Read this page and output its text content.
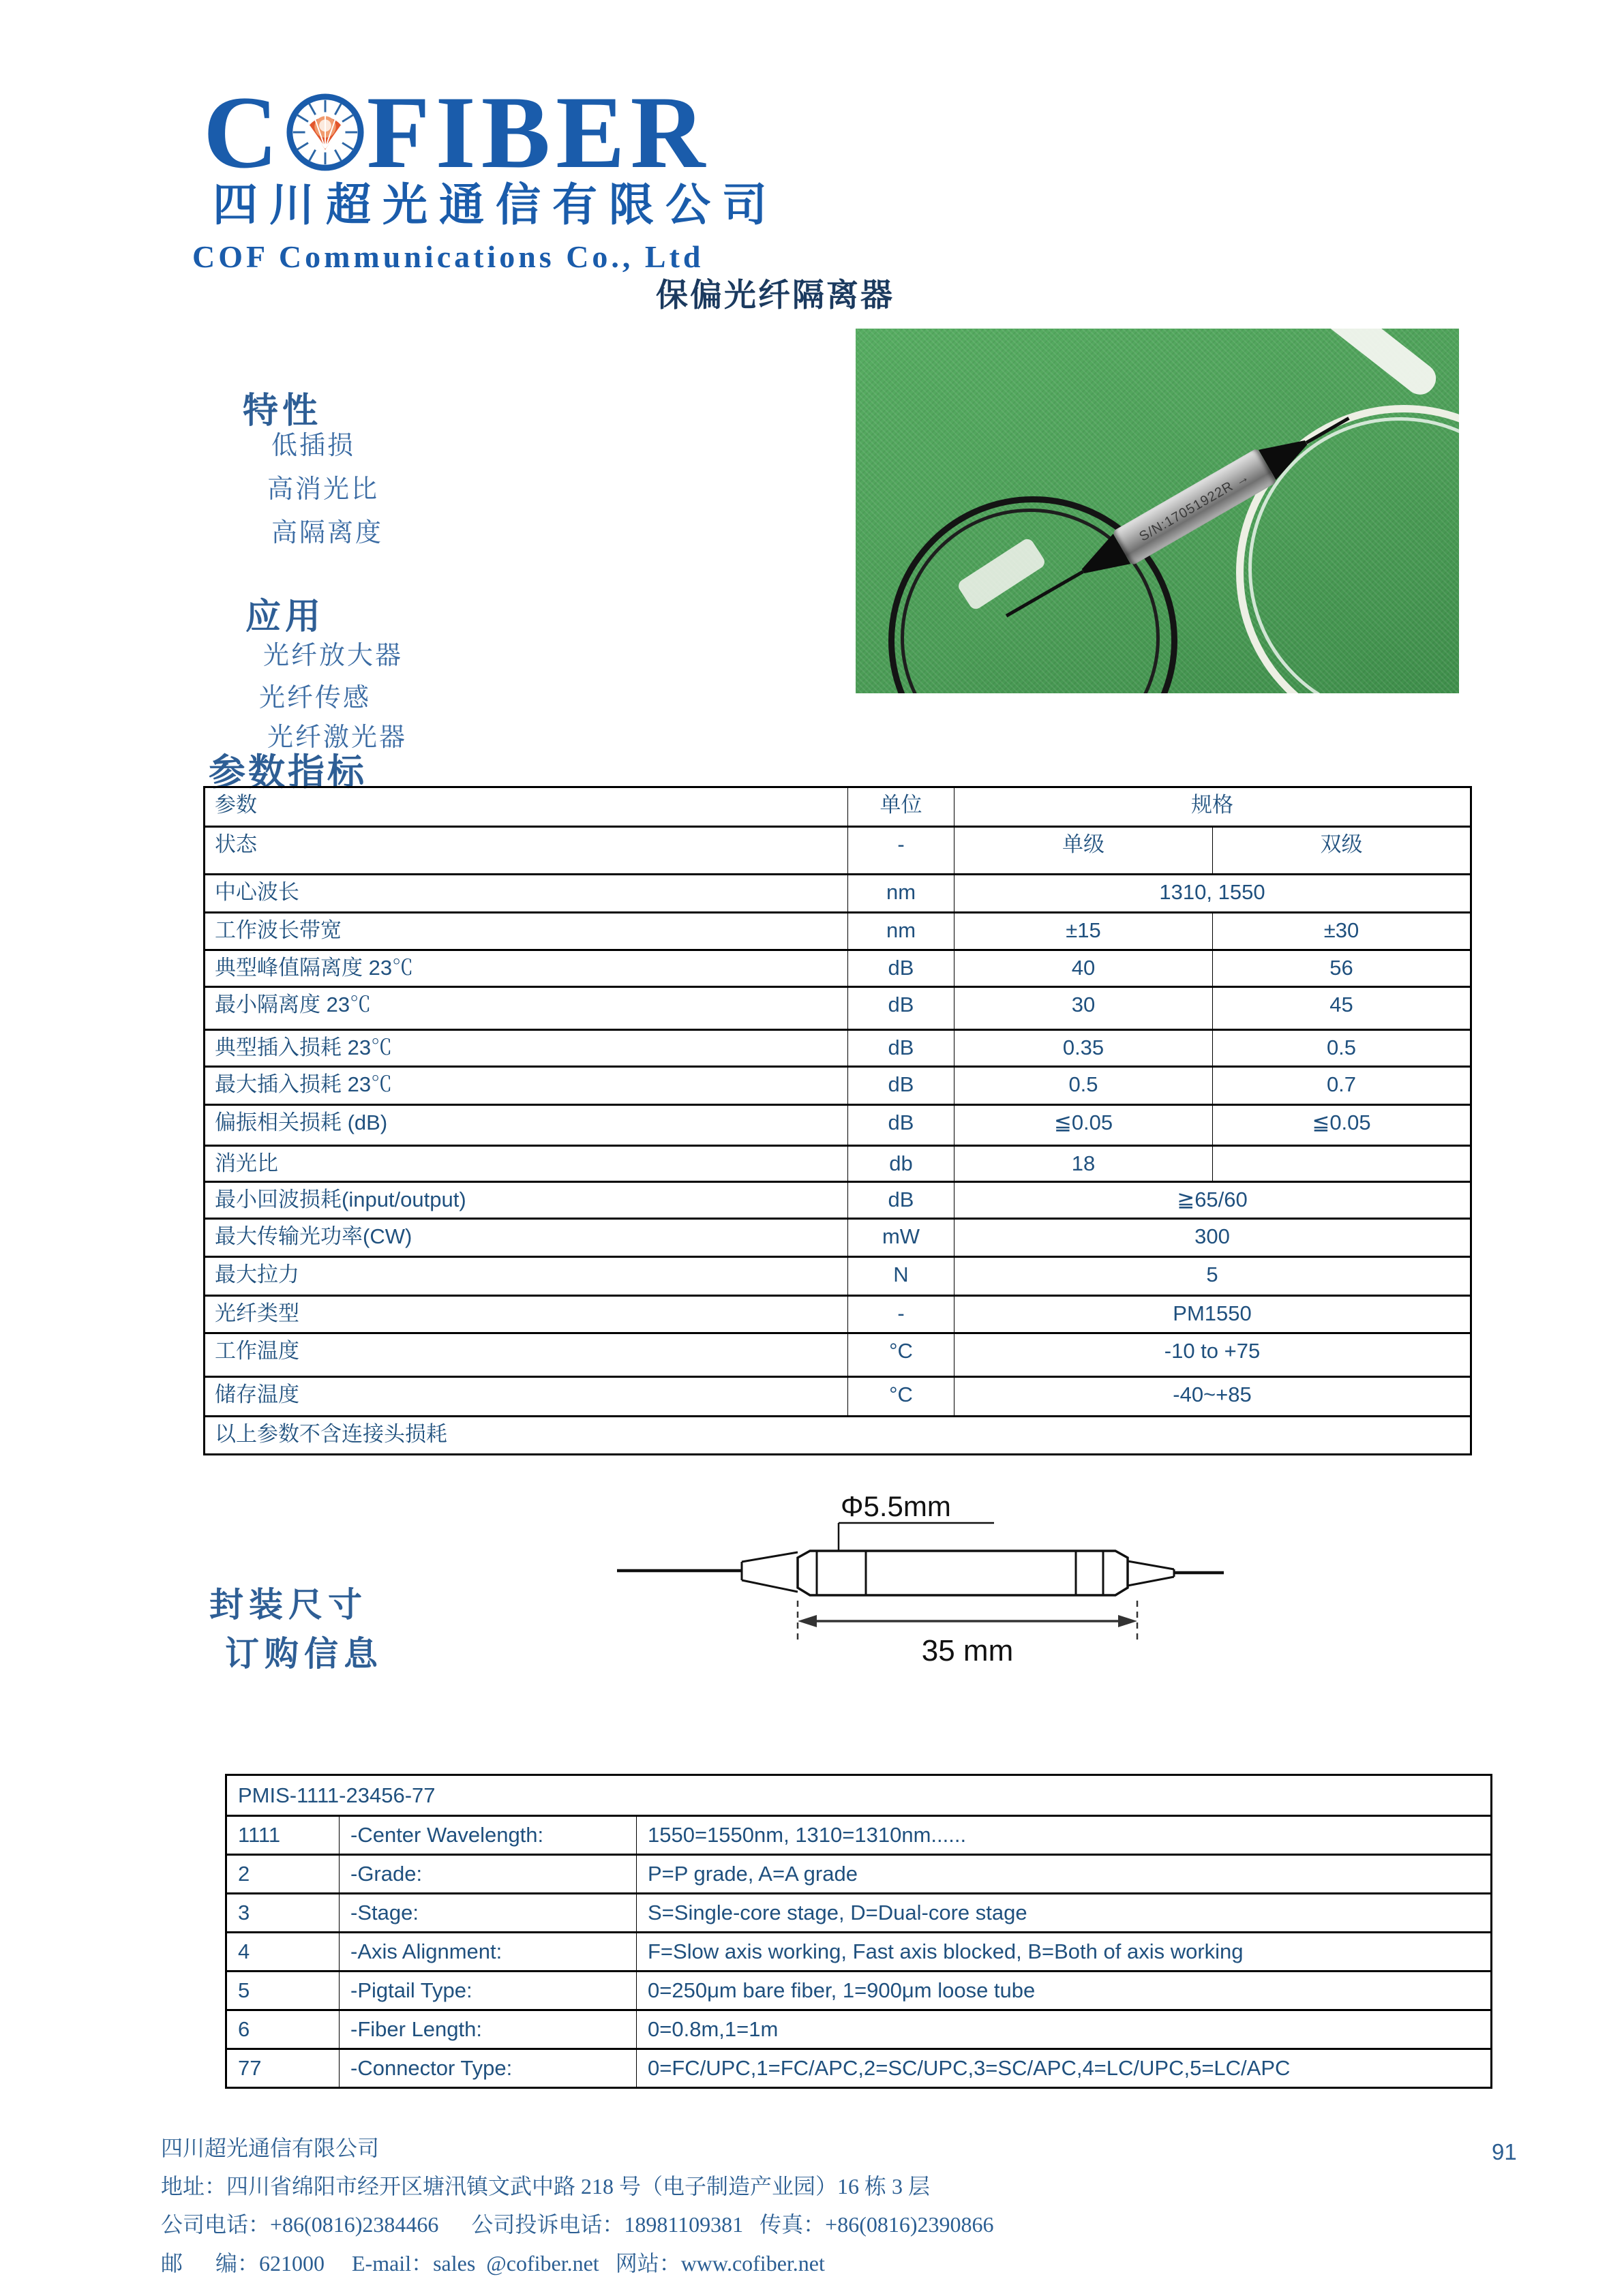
C FIBER
四川超光通信有限公司
COF Communications Co., Ltd
保偏光纤隔离器
S/N:17051922R →
特性
低插损
高消光比
高隔离度
应用
光纤放大器
光纤传感
光纤激光器
参数指标
参数	单位	规格	
状态	-	单级	双级
中心波长	nm	1310, 1550	
工作波长带宽	nm	±15	±30
典型峰值隔离度 23℃	dB	40	56
最小隔离度 23℃	dB	30	45
典型插入损耗 23℃	dB	0.35	0.5
最大插入损耗 23℃	dB	0.5	0.7
偏振相关损耗 (dB)	dB	≦0.05	≦0.05
消光比	db	18	
最小回波损耗(input/output)	dB	≧65/60	
最大传输光功率(CW)	mW	300	
最大拉力	N	5	
光纤类型	-	PM1550	
工作温度	°C	-10 to +75	
储存温度	°C	-40~+85	
以上参数不含连接头损耗			
Φ5.5mm
35 mm
封装尺寸
订购信息
PMIS-1111-23456-77		
1111	-Center Wavelength:	1550=1550nm, 1310=1310nm......
2	-Grade:	P=P grade, A=A grade
3	-Stage:	S=Single-core stage, D=Dual-core stage
4	-Axis Alignment:	F=Slow axis working, Fast axis blocked, B=Both of axis working
5	-Pigtail Type:	0=250μm bare fiber, 1=900μm loose tube
6	-Fiber Length:	0=0.8m,1=1m
77	-Connector Type:	0=FC/UPC,1=FC/APC,2=SC/UPC,3=SC/APC,4=LC/UPC,5=LC/APC

四川超光通信有限公司

地址：四川省绵阳市经开区塘汛镇文武中路 218 号（电子制造产业园）16 栋 3 层

公司电话：+86(0816)2384466      公司投诉电话：18981109381   传真：+86(0816)2390866

邮      编：621000     E-mail：sales  @cofiber.net   网站：www.cofiber.net

91
